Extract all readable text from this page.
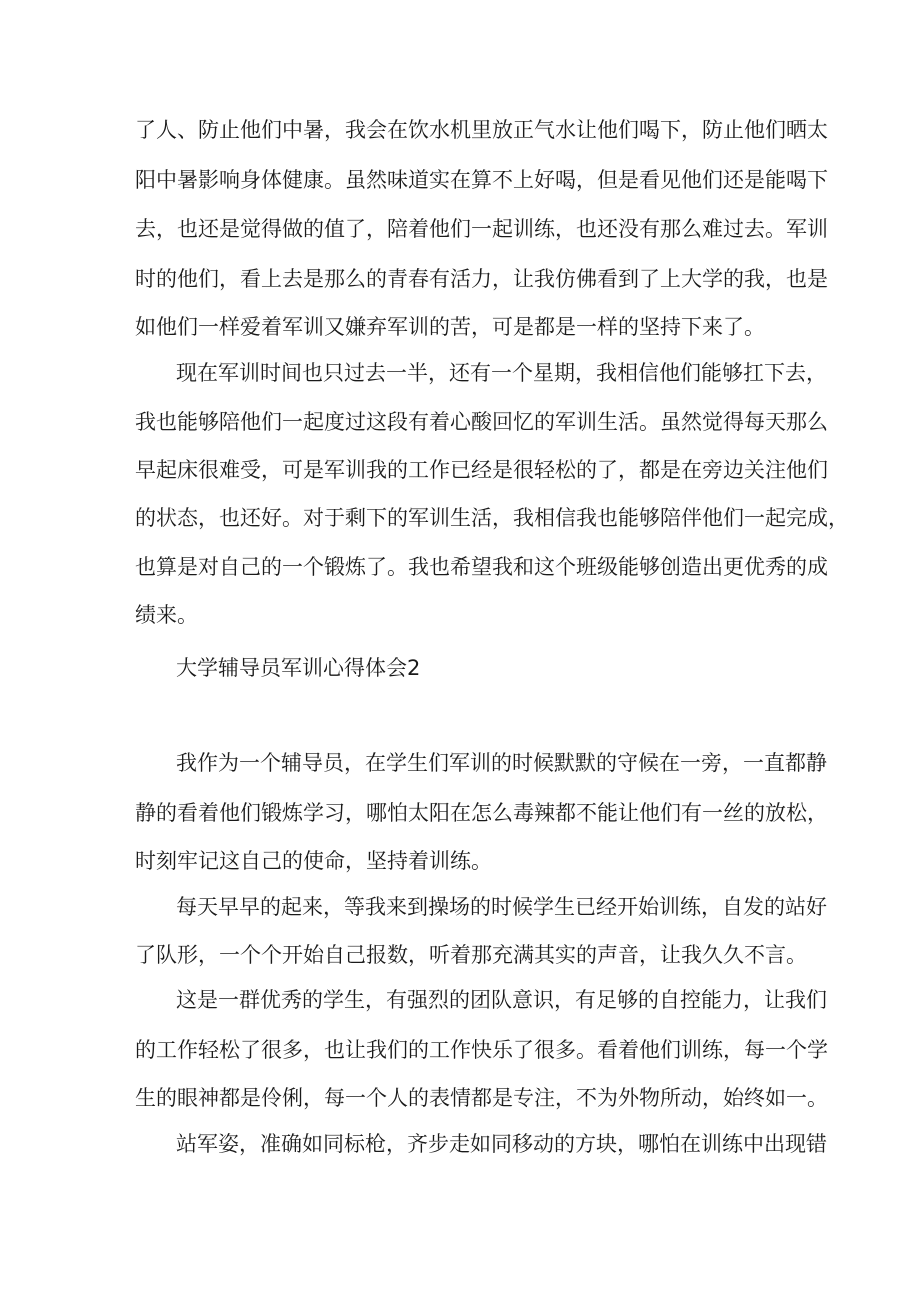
了人、防止他们中暑，我会在饮水机里放正气水让他们喝下，防止他们晒太
阳中暑影响身体健康。虽然味道实在算不上好喝，但是看见他们还是能喝下
去，也还是觉得做的值了，陪着他们一起训练，也还没有那么难过去。军训
时的他们，看上去是那么的青春有活力，让我仿佛看到了上大学的我，也是
如他们一样爱着军训又嫌弃军训的苦，可是都是一样的坚持下来了。
现在军训时间也只过去一半，还有一个星期，我相信他们能够扛下去，
我也能够陪他们一起度过这段有着心酸回忆的军训生活。虽然觉得每天那么
早起床很难受，可是军训我的工作已经是很轻松的了，都是在旁边关注他们
的状态，也还好。对于剩下的军训生活，我相信我也能够陪伴他们一起完成，
也算是对自己的一个锻炼了。我也希望我和这个班级能够创造出更优秀的成
绩来。
大学辅导员军训心得体会2
我作为一个辅导员，在学生们军训的时候默默的守候在一旁，一直都静
静的看着他们锻炼学习，哪怕太阳在怎么毒辣都不能让他们有一丝的放松，
时刻牢记这自己的使命，坚持着训练。
每天早早的起来，等我来到操场的时候学生已经开始训练，自发的站好
了队形，一个个开始自己报数，听着那充满其实的声音，让我久久不言。
这是一群优秀的学生，有强烈的团队意识，有足够的自控能力，让我们
的工作轻松了很多，也让我们的工作快乐了很多。看着他们训练，每一个学
生的眼神都是伶俐，每一个人的表情都是专注，不为外物所动，始终如一。
站军姿，准确如同标枪，齐步走如同移动的方块，哪怕在训练中出现错
